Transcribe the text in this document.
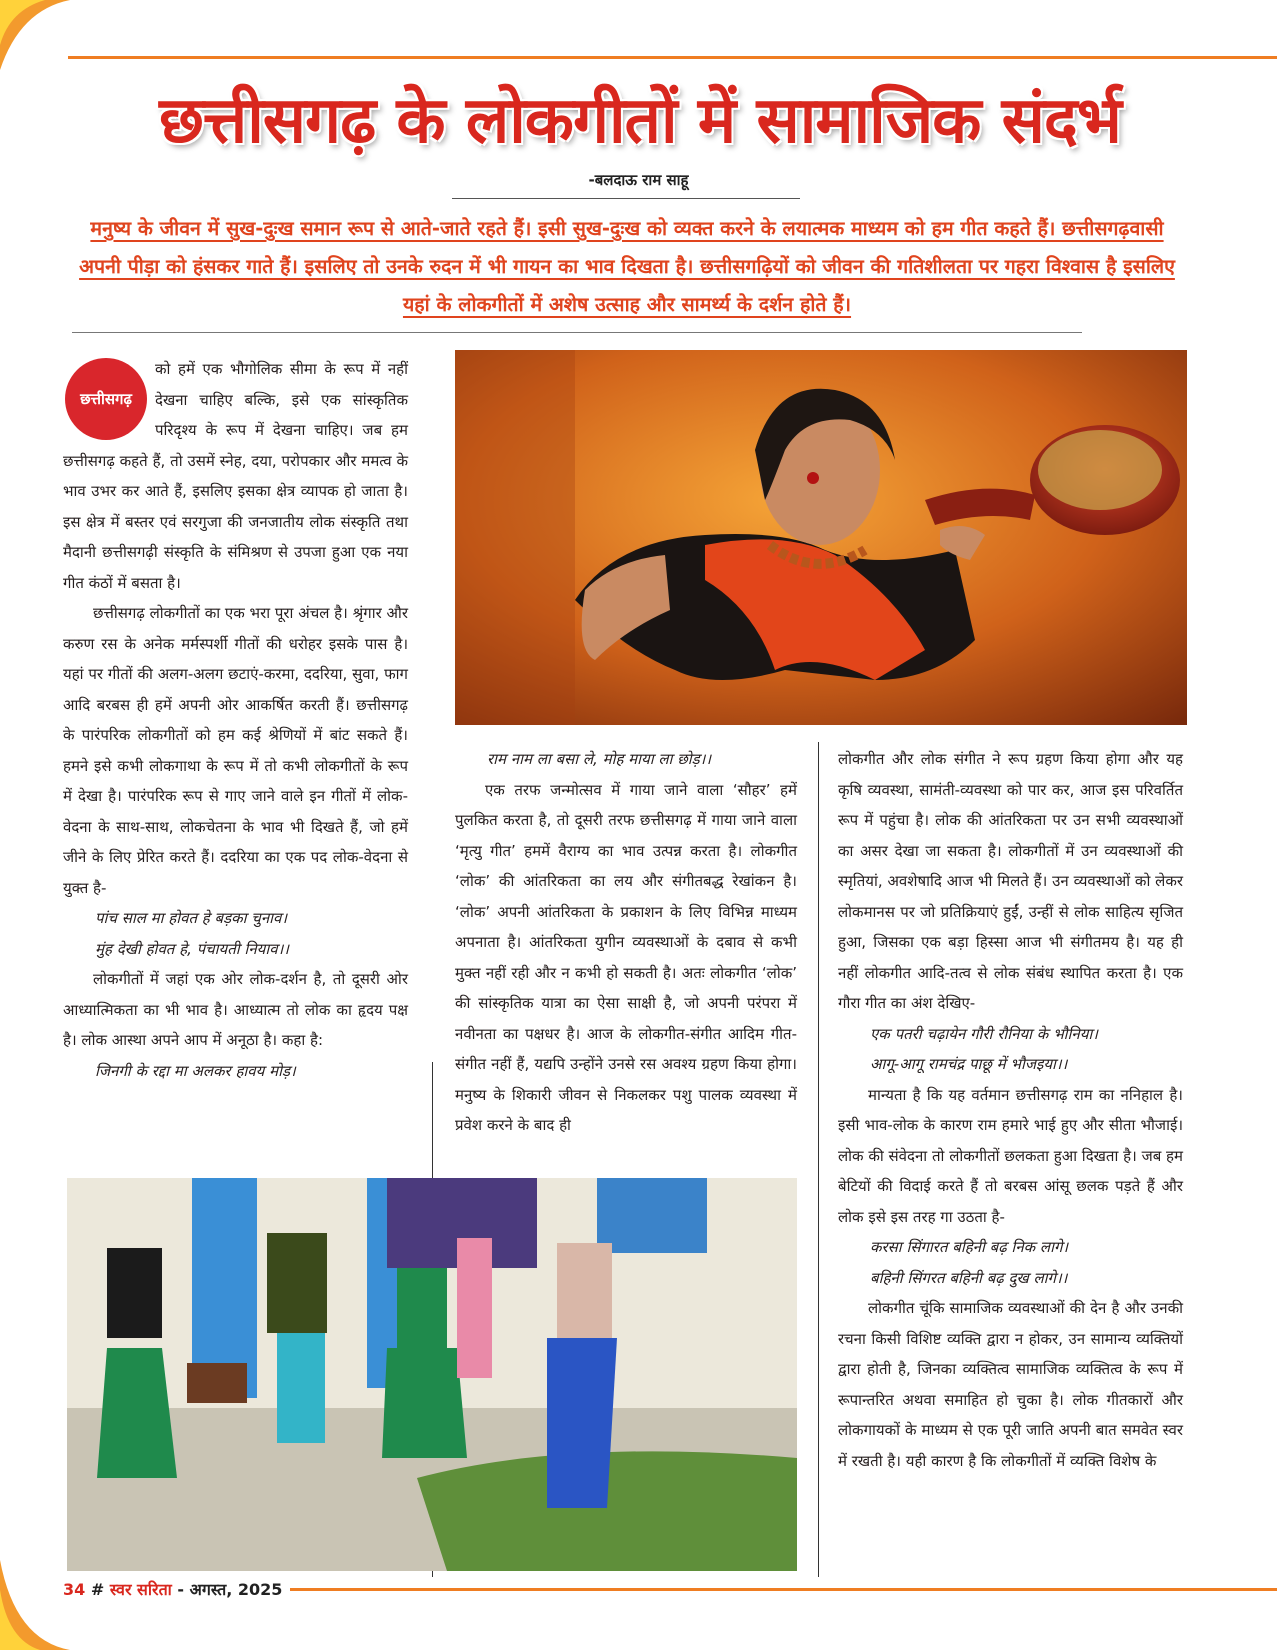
छत्तीसगढ़ के लोकगीतों में सामाजिक संदर्भ
-बलदाऊ राम साहू
मनुष्य के जीवन में सुख-दुःख समान रूप से आते-जाते रहते हैं। इसी सुख-दुःख को व्यक्त करने के लयात्मक माध्यम को हम गीत कहते हैं। छत्तीसगढ़वासी अपनी पीड़ा को हंसकर गाते हैं। इसलिए तो उनके रुदन में भी गायन का भाव दिखता है। छत्तीसगढ़ियों को जीवन की गतिशीलता पर गहरा विश्वास है इसलिए यहां के लोकगीतों में अशेष उत्साह और सामर्थ्य के दर्शन होते हैं।
छत्तीसगढ़

को हमें एक भौगोलिक सीमा के रूप में नहीं देखना चाहिए बल्कि, इसे एक सांस्कृतिक परिदृश्य के रूप में देखना चाहिए। जब हम छत्तीसगढ़ कहते हैं, तो उसमें स्नेह, दया, परोपकार और ममत्व के भाव उभर कर आते हैं, इसलिए इसका क्षेत्र व्यापक हो जाता है। इस क्षेत्र में बस्तर एवं सरगुजा की जनजातीय लोक संस्कृति तथा मैदानी छत्तीसगढ़ी संस्कृति के संमिश्रण से उपजा हुआ एक नया गीत कंठों में बसता है।

छत्तीसगढ़ लोकगीतों का एक भरा पूरा अंचल है। श्रृंगार और करुण रस के अनेक मर्मस्पर्शी गीतों की धरोहर इसके पास है। यहां पर गीतों की अलग-अलग छटाएं-करमा, ददरिया, सुवा, फाग आदि बरबस ही हमें अपनी ओर आकर्षित करती हैं। छत्तीसगढ़ के पारंपरिक लोकगीतों को हम कई श्रेणियों में बांट सकते हैं। हमने इसे कभी लोकगाथा के रूप में तो कभी लोकगीतों के रूप में देखा है। पारंपरिक रूप से गाए जाने वाले इन गीतों में लोक-वेदना के साथ-साथ, लोकचेतना के भाव भी दिखते हैं, जो हमें जीने के लिए प्रेरित करते हैं। ददरिया का एक पद लोक-वेदना से युक्त है-

पांच साल मा होवत हे बड़का चुनाव।

मुंह देखी होवत हे, पंचायती नियाव।।

लोकगीतों में जहां एक ओर लोक-दर्शन है, तो दूसरी ओर आध्यात्मिकता का भी भाव है। आध्यात्म तो लोक का हृदय पक्ष है। लोक आस्था अपने आप में अनूठा है। कहा है:

जिनगी के रद्दा मा अलकर हावय मोड़।

राम नाम ला बसा ले, मोह माया ला छोड़।।

एक तरफ जन्मोत्सव में गाया जाने वाला ‘सौहर’ हमें पुलकित करता है, तो दूसरी तरफ छत्तीसगढ़ में गाया जाने वाला ‘मृत्यु गीत’ हममें वैराग्य का भाव उत्पन्न करता है। लोकगीत ‘लोक’ की आंतरिकता का लय और संगीतबद्ध रेखांकन है। ‘लोक’ अपनी आंतरिकता के प्रकाशन के लिए विभिन्न माध्यम अपनाता है। आंतरिकता युगीन व्यवस्थाओं के दबाव से कभी मुक्त नहीं रही और न कभी हो सकती है। अतः लोकगीत ‘लोक’ की सांस्कृतिक यात्रा का ऐसा साक्षी है, जो अपनी परंपरा में नवीनता का पक्षधर है। आज के लोकगीत-संगीत आदिम गीत-संगीत नहीं हैं, यद्यपि उन्होंने उनसे रस अवश्य ग्रहण किया होगा। मनुष्य के शिकारी जीवन से निकलकर पशु पालक व्यवस्था में प्रवेश करने के बाद ही

लोकगीत और लोक संगीत ने रूप ग्रहण किया होगा और यह कृषि व्यवस्था, सामंती-व्यवस्था को पार कर, आज इस परिवर्तित रूप में पहुंचा है। लोक की आंतरिकता पर उन सभी व्यवस्थाओं का असर देखा जा सकता है। लोकगीतों में उन व्यवस्थाओं की स्मृतियां, अवशेषादि आज भी मिलते हैं। उन व्यवस्थाओं को लेकर लोकमानस पर जो प्रतिक्रियाएं हुईं, उन्हीं से लोक साहित्य सृजित हुआ, जिसका एक बड़ा हिस्सा आज भी संगीतमय है। यह ही नहीं लोकगीत आदि-तत्व से लोक संबंध स्थापित करता है। एक गौरा गीत का अंश देखिए-

एक पतरी चढ़ायेन गौरी रौनिया के भौनिया।

आगू-आगू रामचंद्र पाछू में भौजइया।।

मान्यता है कि यह वर्तमान छत्तीसगढ़ राम का ननिहाल है। इसी भाव-लोक के कारण राम हमारे भाई हुए और सीता भौजाई। लोक की संवेदना तो लोकगीतों छलकता हुआ दिखता है। जब हम बेटियों की विदाई करते हैं तो बरबस आंसू छलक पड़ते हैं और लोक इसे इस तरह गा उठता है-

करसा सिंगारत बहिनी बढ़ निक लागे।

बहिनी सिंगरत बहिनी बढ़ दुख लागे।।

लोकगीत चूंकि सामाजिक व्यवस्थाओं की देन है और उनकी रचना किसी विशिष्ट व्यक्ति द्वारा न होकर, उन सामान्य व्यक्तियों द्वारा होती है, जिनका व्यक्तित्व सामाजिक व्यक्तित्व के रूप में रूपान्तरित अथवा समाहित हो चुका है। लोक गीतकारों और लोकगायकों के माध्यम से एक पूरी जाति अपनी बात समवेत स्वर में रखती है। यही कारण है कि लोकगीतों में व्यक्ति विशेष के

34 # स्वर सरिता - अगस्त, 2025
